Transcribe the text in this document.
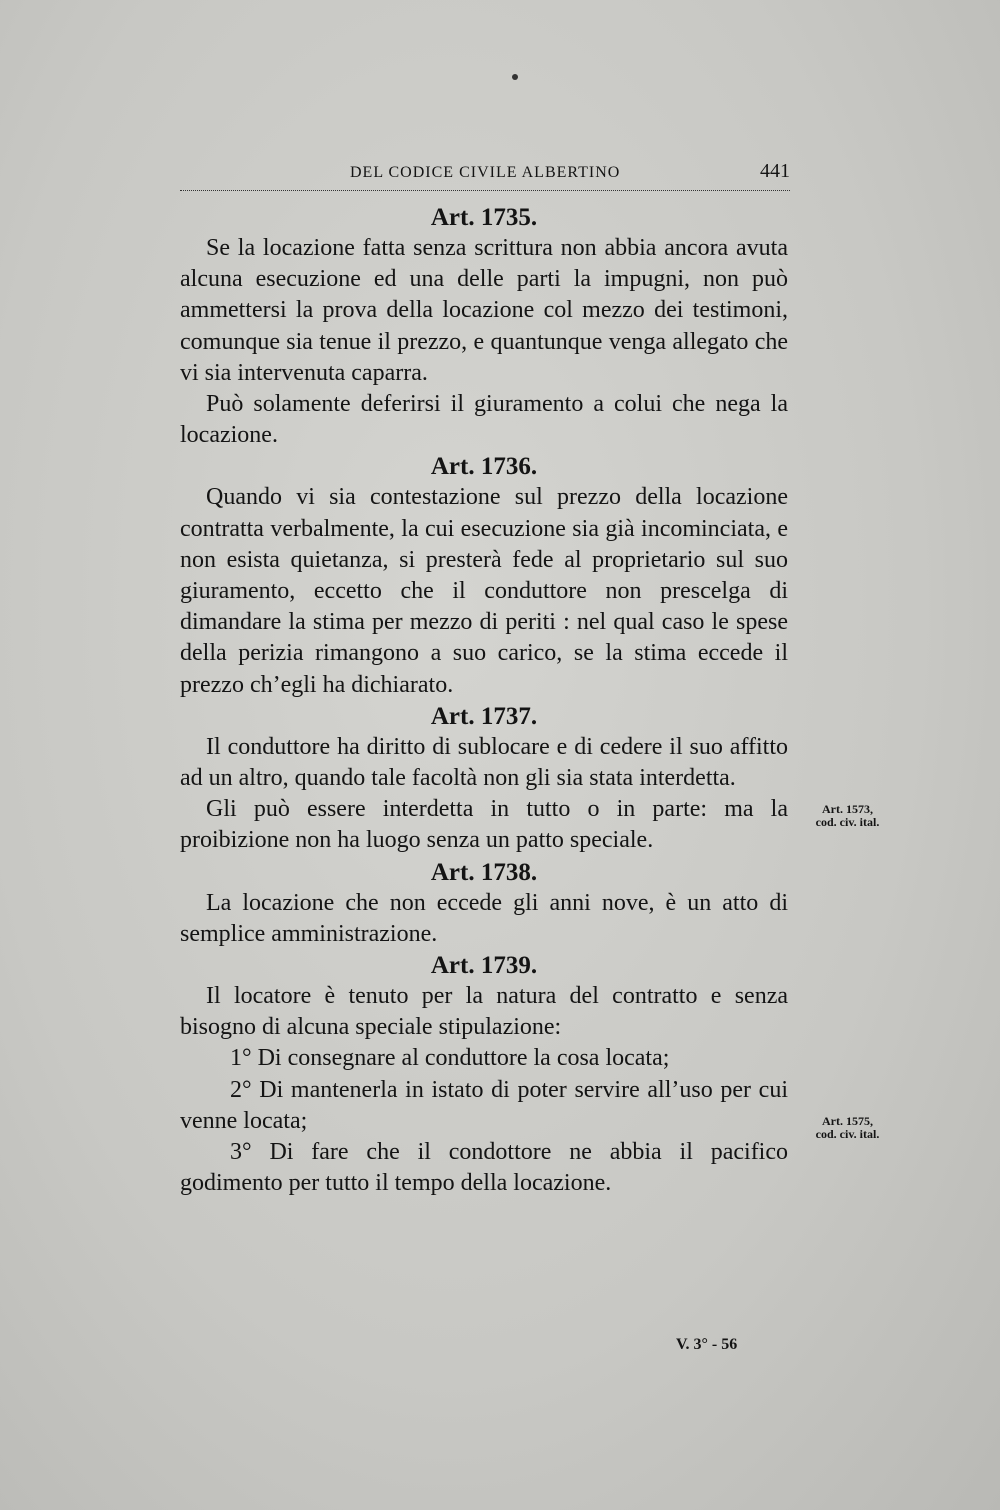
DEL CODICE CIVILE ALBERTINO	441
Art. 1735.

Se la locazione fatta senza scrittura non abbia ancora avuta alcuna esecuzione ed una delle parti la impugni, non può ammettersi la prova della locazione col mezzo dei testimoni, comunque sia tenue il prezzo, e quantunque venga allegato che vi sia intervenuta caparra.

Può solamente deferirsi il giuramento a colui che nega la locazione.

Art. 1736.

Quando vi sia contestazione sul prezzo della locazione contratta verbalmente, la cui esecuzione sia già incominciata, e non esista quietanza, si presterà fede al proprietario sul suo giuramento, eccetto che il conduttore non prescelga di dimandare la stima per mezzo di periti : nel qual caso le spese della perizia rimangono a suo carico, se la stima eccede il prezzo ch’egli ha dichiarato.

Art. 1737.

Il conduttore ha diritto di sublocare e di cedere il suo affitto ad un altro, quando tale facoltà non gli sia stata interdetta.

Gli può essere interdetta in tutto o in parte: ma la proibizione non ha luogo senza un patto speciale.

Art. 1738.

La locazione che non eccede gli anni nove, è un atto di semplice amministrazione.

Art. 1739.

Il locatore è tenuto per la natura del contratto e senza bisogno di alcuna speciale stipulazione:

1° Di consegnare al conduttore la cosa locata;

2° Di mantenerla in istato di poter servire all’uso per cui venne locata;

3° Di fare che il condottore ne abbia il pacifico godimento per tutto il tempo della locazione.

Art. 1573,
cod. civ. ital.
Art. 1575,
cod. civ. ital.
V. 3° - 56
